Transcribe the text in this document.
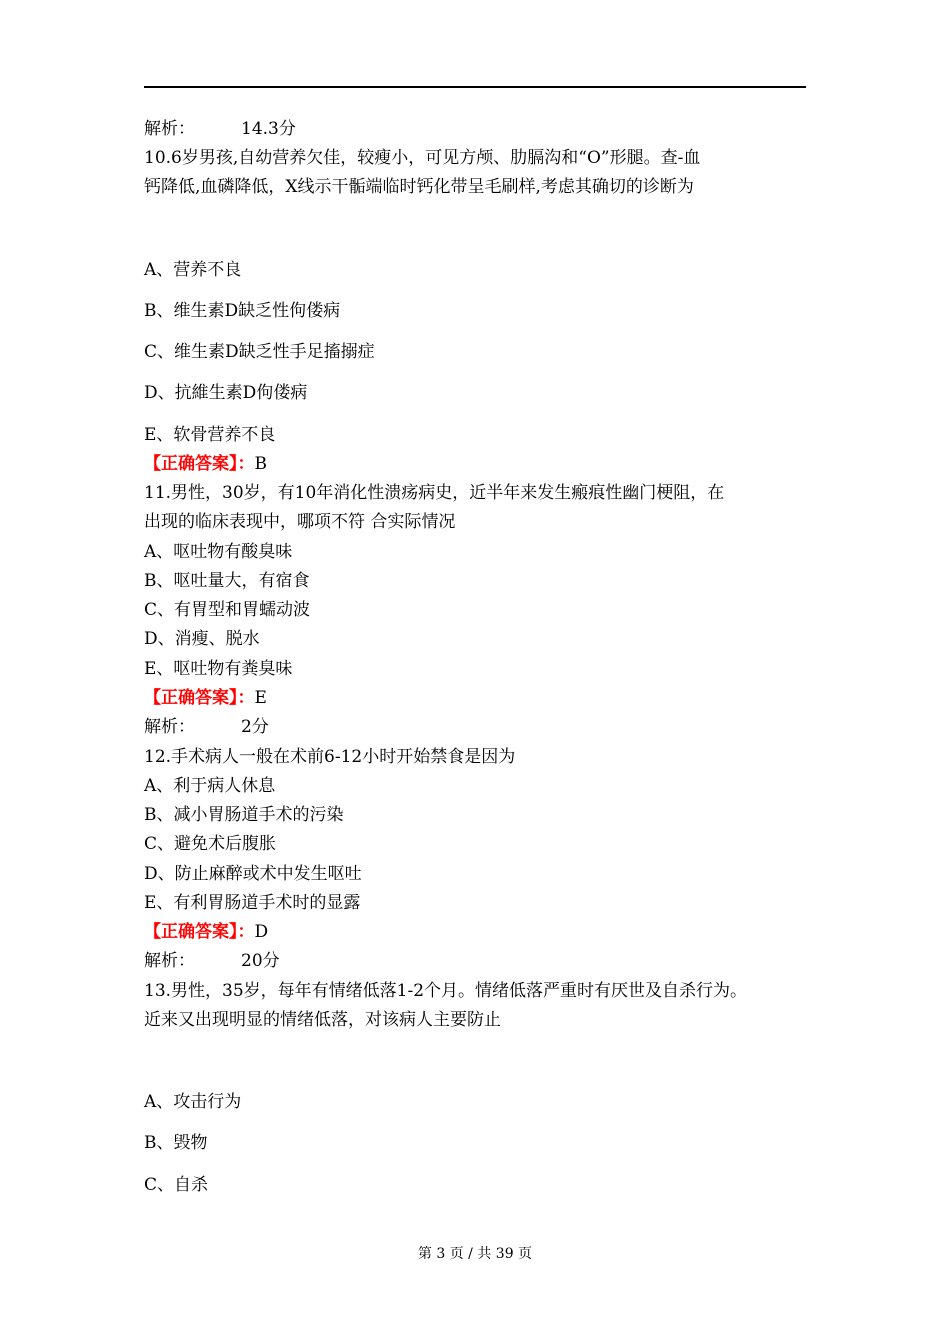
解析：	14.3分
10.6岁男孩,自幼营养欠佳，较瘦小，可见方颅、肋膈沟和“O”形腿。查-血
钙降低,血磷降低，X线示干骺端临时钙化带呈毛刷样,考虑其确切的诊断为
A、营养不良
B、维生素D缺乏性佝偻病
C、维生素D缺乏性手足搐搦症
D、抗維生素D佝偻病
E、软骨营养不良
【正确答案】：B
11.男性，30岁，有10年消化性溃疡病史，近半年来发生瘢痕性幽门梗阻，在
出现的临床表现中，哪项不符 合实际情况
A、呕吐物有酸臭味
B、呕吐量大，有宿食
C、有胃型和胃蠕动波
D、消瘦、脱水
E、呕吐物有粪臭味
【正确答案】：E
解析：	2分
12.手术病人一般在术前6-12小时开始禁食是因为
A、利于病人休息
B、减小胃肠道手术的污染
C、避免术后腹胀
D、防止麻醉或术中发生呕吐
E、有利胃肠道手术时的显露
【正确答案】：D
解析：	20分
13.男性，35岁，每年有情绪低落1-2个月。情绪低落严重时有厌世及自杀行为。
近来又出现明显的情绪低落，对该病人主要防止
A、攻击行为
B、毁物
C、自杀
第 3 页 / 共 39 页
